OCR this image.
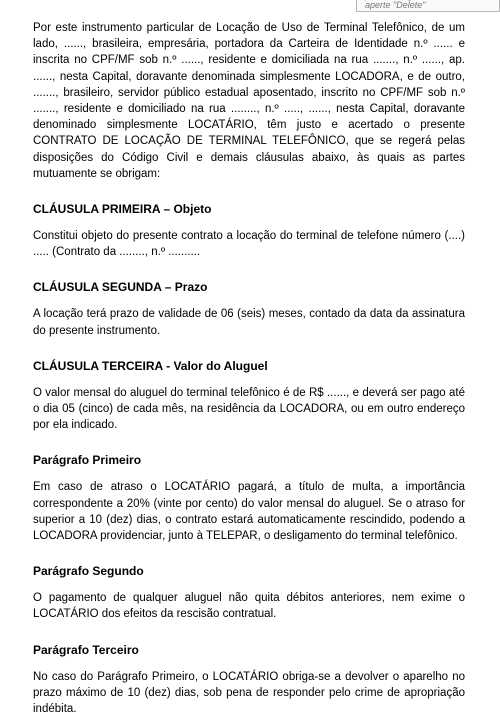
aperte "Delete"

Por este instrumento particular de Locação de Uso de Terminal Telefônico, de um lado, ......, brasileira, empresária, portadora da Carteira de Identidade n.º ...... e inscrita no CPF/MF sob n.º ......, residente e domiciliada na rua ......., n.º ......, ap. ......, nesta Capital, doravante denominada simplesmente LOCADORA, e de outro, ......., brasileiro, servidor público estadual aposentado, inscrito no CPF/MF sob n.º ......., residente e domiciliado na rua ........, n.º ....., ......, nesta Capital, doravante denominado simplesmente LOCATÁRIO, têm justo e acertado o presente CONTRATO DE LOCAÇÃO DE TERMINAL TELEFÔNICO, que se regerá pelas disposições do Código Civil e demais cláusulas abaixo, às quais as partes mutuamente se obrigam:

CLÁUSULA PRIMEIRA – Objeto

Constitui objeto do presente contrato a locação do terminal de telefone número (....) ..... (Contrato da ........, n.º ..........

CLÁUSULA SEGUNDA – Prazo

A locação terá prazo de validade de 06 (seis) meses, contado da data da assinatura do presente instrumento.

CLÁUSULA TERCEIRA - Valor do Aluguel

O valor mensal do aluguel do terminal telefônico é de R$ ......, e deverá ser pago até o dia 05 (cinco) de cada mês, na residência da LOCADORA, ou em outro endereço por ela indicado.

Parágrafo Primeiro

Em caso de atraso o LOCATÁRIO pagará, a título de multa, a importância correspondente a 20% (vinte por cento) do valor mensal do aluguel. Se o atraso for superior a 10 (dez) dias, o contrato estará automaticamente rescindido, podendo a LOCADORA providenciar, junto à TELEPAR, o desligamento do terminal telefônico.

Parágrafo Segundo

O pagamento de qualquer aluguel não quita débitos anteriores, nem exime o LOCATÁRIO dos efeitos da rescisão contratual.

Parágrafo Terceiro

No caso do Parágrafo Primeiro, o LOCATÁRIO obriga-se a devolver o aparelho no prazo máximo de 10 (dez) dias, sob pena de responder pelo crime de apropriação indébita.
